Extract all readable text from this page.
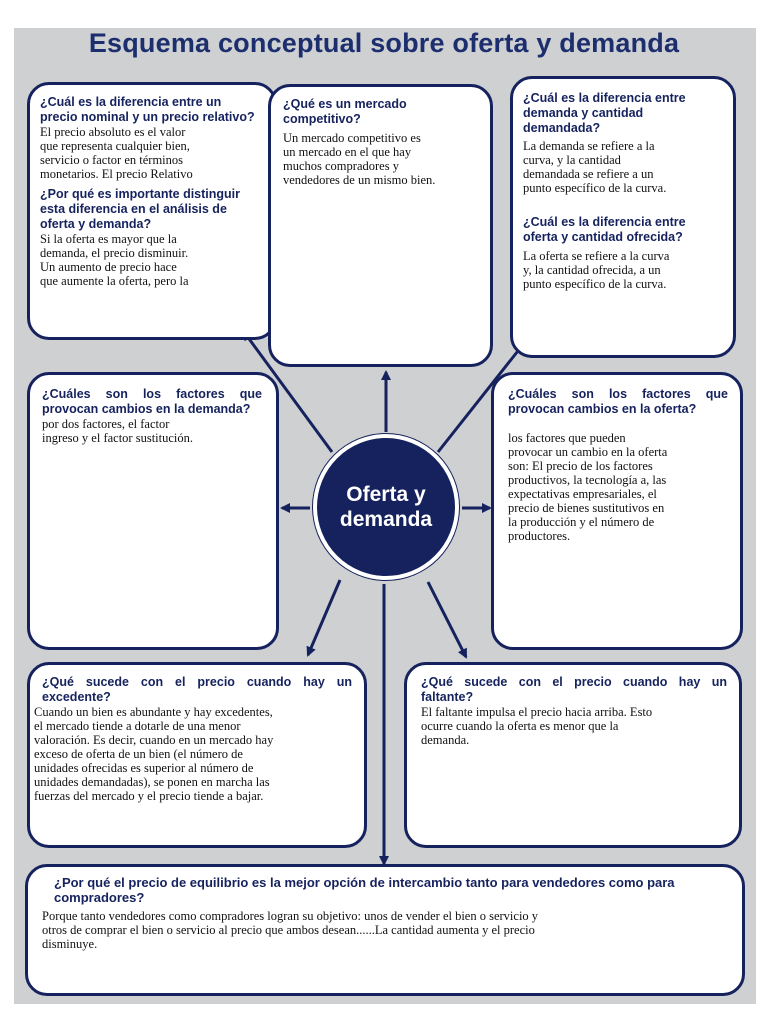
Esquema conceptual sobre oferta y demanda

¿Cuál es la diferencia entre un precio nominal y un precio relativo?

El precio absoluto es el valor
que representa cualquier bien,
servicio o factor en términos
monetarios. El precio Relativo

¿Por qué es importante distinguir esta diferencia en el análisis de oferta y demanda?

Si la oferta es mayor que la
demanda, el precio disminuir.
Un aumento de precio hace
que aumente la oferta, pero la

¿Qué es un mercado competitivo?

Un mercado competitivo es
un mercado en el que hay
muchos compradores y
vendedores de un mismo bien.

¿Cuál es la diferencia entre demanda y cantidad demandada?

La demanda se refiere a la
curva, y la cantidad
demandada se refiere a un
punto específico de la curva.

¿Cuál es la diferencia entre oferta y cantidad ofrecida?

La oferta se refiere a la curva
y, la cantidad ofrecida, a un
punto específico de la curva.

¿Cuáles son los factores que provocan cambios en la demanda?

por dos factores, el factor
ingreso y el factor sustitución.

¿Cuáles son los factores que provocan cambios en la oferta?

los factores que pueden
provocar un cambio en la oferta
son: El precio de los factores
productivos, la tecnología a, las
expectativas empresariales, el
precio de bienes sustitutivos en
la producción y el número de
productores.

¿Qué sucede con el precio cuando hay un excedente?

Cuando un bien es abundante y hay excedentes,
el mercado tiende a dotarle de una menor
valoración. Es decir, cuando en un mercado hay
exceso de oferta de un bien (el número de
unidades ofrecidas es superior al número de
unidades demandadas), se ponen en marcha las
fuerzas del mercado y el precio tiende a bajar.

¿Qué sucede con el precio cuando hay un faltante?

El faltante impulsa el precio hacia arriba. Esto
ocurre cuando la oferta es menor que la
demanda.

¿Por qué el precio de equilibrio es la mejor opción de intercambio tanto para vendedores como para compradores?

Porque tanto vendedores como compradores logran su objetivo: unos de vender el bien o servicio y
otros de comprar el bien o servicio al precio que ambos desean......La cantidad aumenta y el precio
disminuye.

Oferta y
demanda
